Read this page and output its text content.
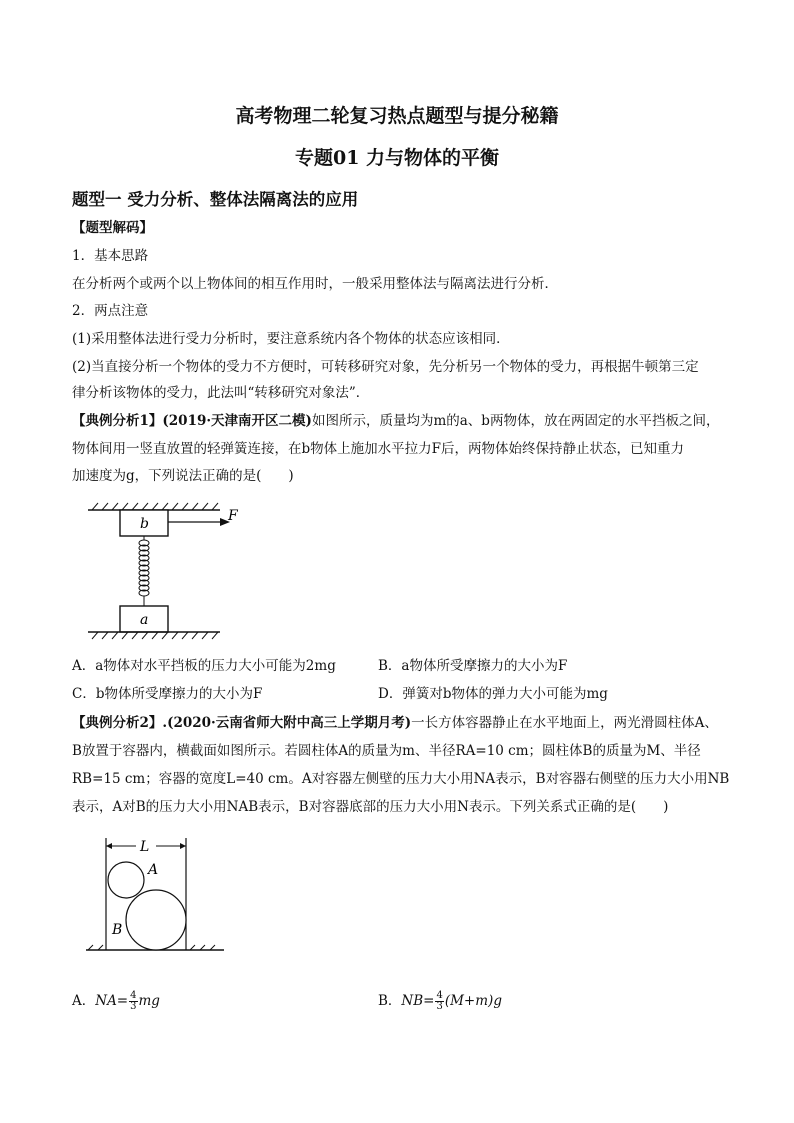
高考物理二轮复习热点题型与提分秘籍
专题01 力与物体的平衡
题型一 受力分析、整体法隔离法的应用
【题型解码】
1．基本思路
在分析两个或两个以上物体间的相互作用时，一般采用整体法与隔离法进行分析．
2．两点注意
(1)采用整体法进行受力分析时，要注意系统内各个物体的状态应该相同．
(2)当直接分析一个物体的受力不方便时，可转移研究对象，先分析另一个物体的受力，再根据牛顿第三定
律分析该物体的受力，此法叫“转移研究对象法”．
【典例分析1】(2019·天津南开区二模)如图所示，质量均为m的a、b两物体，放在两固定的水平挡板之间，
物体间用一竖直放置的轻弹簧连接，在b物体上施加水平拉力F后，两物体始终保持静止状态，已知重力
加速度为g，下列说法正确的是(　　)
b	F
a
A．a物体对水平挡板的压力大小可能为2mg	B．a物体所受摩擦力的大小为F
C．b物体所受摩擦力的大小为F	D．弹簧对b物体的弹力大小可能为mg
【典例分析2】.(2020·云南省师大附中高三上学期月考)一长方体容器静止在水平地面上，两光滑圆柱体A、
B放置于容器内，横截面如图所示。若圆柱体A的质量为m、半径RA=10 cm；圆柱体B的质量为M、半径
RB=15 cm；容器的宽度L=40 cm。A对容器左侧壁的压力大小用NA表示，B对容器右侧壁的压力大小用NB
表示，A对B的压力大小用NAB表示，B对容器底部的压力大小用N表示。下列关系式正确的是(　　)
L
A
B
A．$NA= \frac{4}{3}$ mg	B．$NB= \frac{4}{3} (M+m)g$
